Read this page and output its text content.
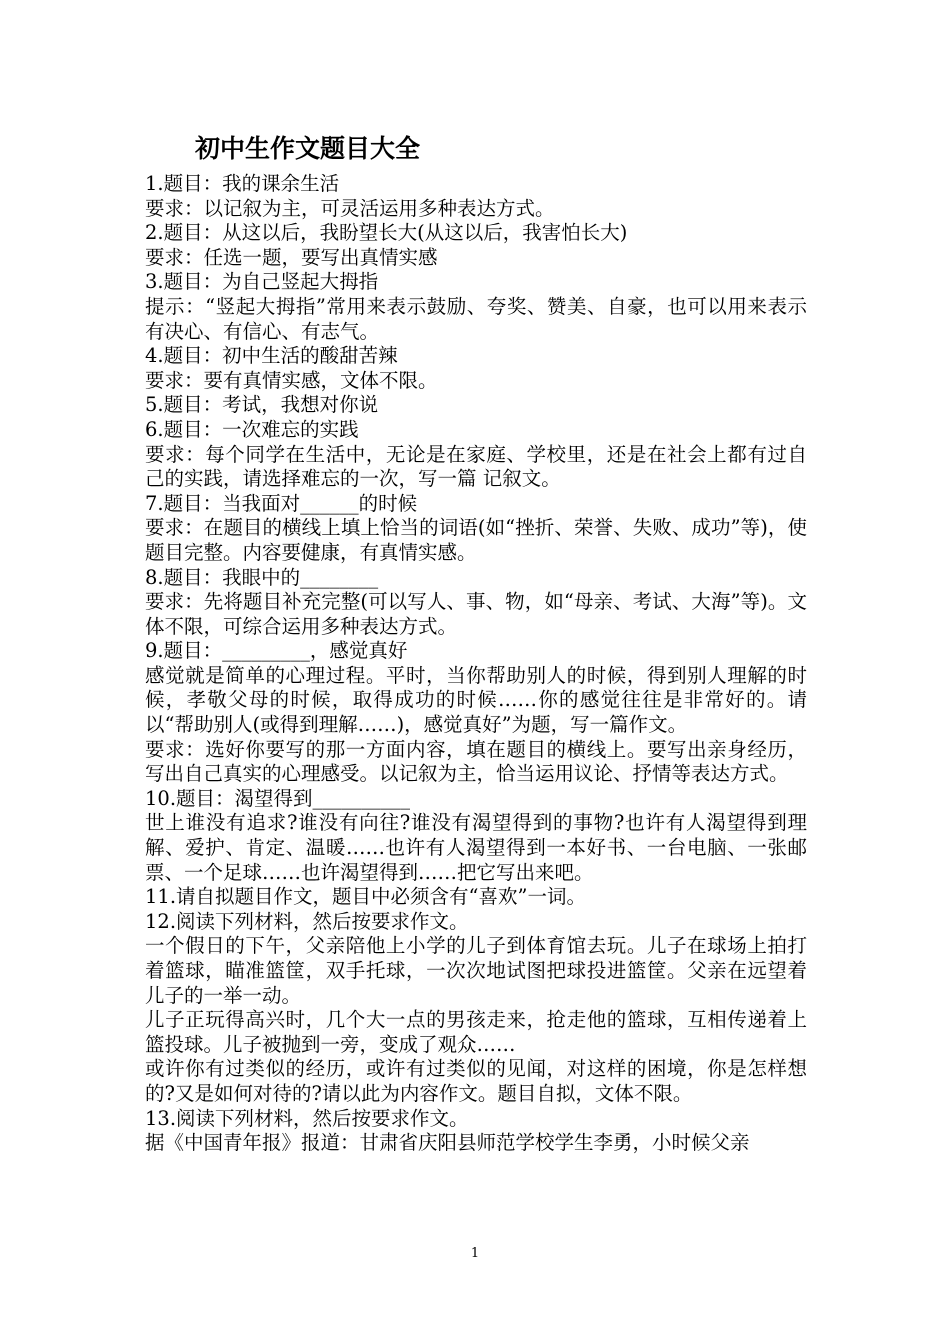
初中生作文题目大全

1.题目：我的课余生活

要求：以记叙为主，可灵活运用多种表达方式。

2.题目：从这以后，我盼望长大(从这以后，我害怕长大)

要求：任选一题，要写出真情实感

3.题目：为自己竖起大拇指

提示：“竖起大拇指”常用来表示鼓励、夸奖、赞美、自豪，也可以用来表示有决心、有信心、有志气。

4.题目：初中生活的酸甜苦辣

要求：要有真情实感，文体不限。

5.题目：考试，我想对你说

6.题目：一次难忘的实践

要求：每个同学在生活中，无论是在家庭、学校里，还是在社会上都有过自己的实践，请选择难忘的一次，写一篇 记叙文。

7.题目：当我面对______的时候

要求：在题目的横线上填上恰当的词语(如“挫折、荣誉、失败、成功”等)，使题目完整。内容要健康，有真情实感。

8.题目：我眼中的________

要求：先将题目补充完整(可以写人、事、物，如“母亲、考试、大海”等)。文体不限，可综合运用多种表达方式。

9.题目：_________，感觉真好

感觉就是简单的心理过程。平时，当你帮助别人的时候，得到别人理解的时候，孝敬父母的时候，取得成功的时候……你的感觉往往是非常好的。请以“帮助别人(或得到理解……)，感觉真好”为题，写一篇作文。

要求：选好你要写的那一方面内容，填在题目的横线上。要写出亲身经历，写出自己真实的心理感受。以记叙为主，恰当运用议论、抒情等表达方式。

10.题目：渴望得到__________

世上谁没有追求?谁没有向往?谁没有渴望得到的事物?也许有人渴望得到理解、爱护、肯定、温暖……也许有人渴望得到一本好书、一台电脑、一张邮票、一个足球……也许渴望得到……把它写出来吧。

11.请自拟题目作文，题目中必须含有“喜欢”一词。

12.阅读下列材料，然后按要求作文。

一个假日的下午，父亲陪他上小学的儿子到体育馆去玩。儿子在球场上拍打着篮球，瞄准篮筐，双手托球，一次次地试图把球投进篮筐。父亲在远望着儿子的一举一动。

儿子正玩得高兴时，几个大一点的男孩走来，抢走他的篮球，互相传递着上篮投球。儿子被抛到一旁，变成了观众……

或许你有过类似的经历，或许有过类似的见闻，对这样的困境，你是怎样想的?又是如何对待的?请以此为内容作文。题目自拟，文体不限。

13.阅读下列材料，然后按要求作文。

据《中国青年报》报道：甘肃省庆阳县师范学校学生李勇，小时候父亲

1
